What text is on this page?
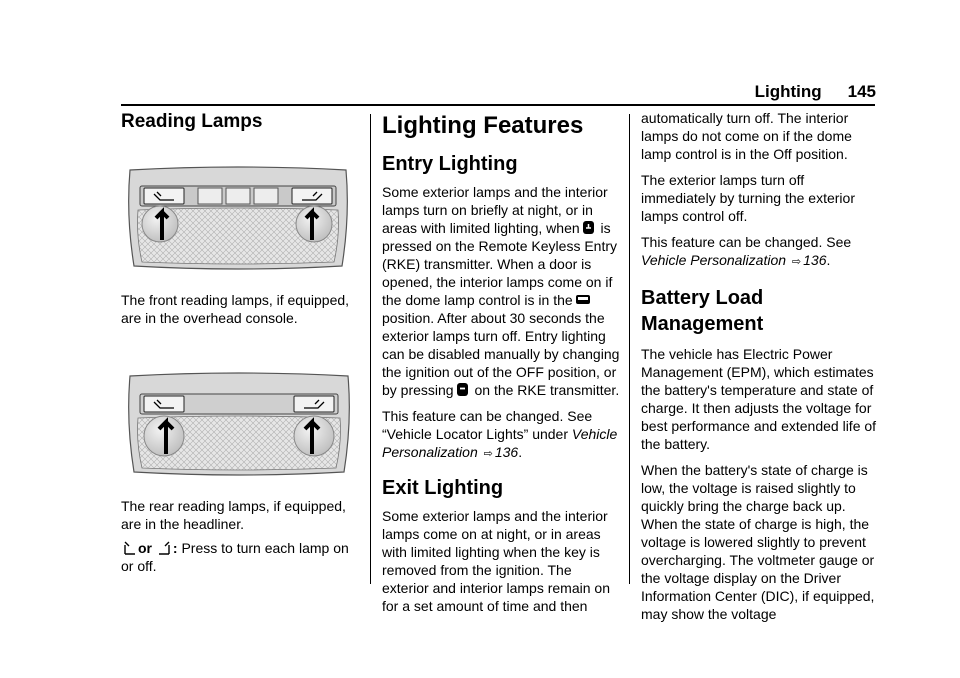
Lighting 145
Reading Lamps

The front reading lamps, if equipped, are in the overhead console.

The rear reading lamps, if equipped, are in the headliner.

or : Press to turn each lamp on or off.

Lighting Features
Entry Lighting

Some exterior lamps and the interior lamps turn on briefly at night, or in areas with limited lighting, when is pressed on the Remote Keyless Entry (RKE) transmitter. When a door is opened, the interior lamps come on if the dome lamp control is in the position. After about 30 seconds the exterior lamps turn off. Entry lighting can be disabled manually by changing the ignition out of the OFF position, or by pressing on the RKE transmitter.

This feature can be changed. See “Vehicle Locator Lights” under Vehicle Personalization ⇨ 136.

Exit Lighting

Some exterior lamps and the interior lamps come on at night, or in areas with limited lighting when the key is removed from the ignition. The exterior and interior lamps remain on for a set amount of time and then

automatically turn off. The interior lamps do not come on if the dome lamp control is in the Off position.

The exterior lamps turn off immediately by turning the exterior lamps control off.

This feature can be changed. See Vehicle Personalization ⇨ 136.

Battery Load Management

The vehicle has Electric Power Management (EPM), which estimates the battery's temperature and state of charge. It then adjusts the voltage for best performance and extended life of the battery.

When the battery's state of charge is low, the voltage is raised slightly to quickly bring the charge back up. When the state of charge is high, the voltage is lowered slightly to prevent overcharging. The voltmeter gauge or the voltage display on the Driver Information Center (DIC), if equipped, may show the voltage
